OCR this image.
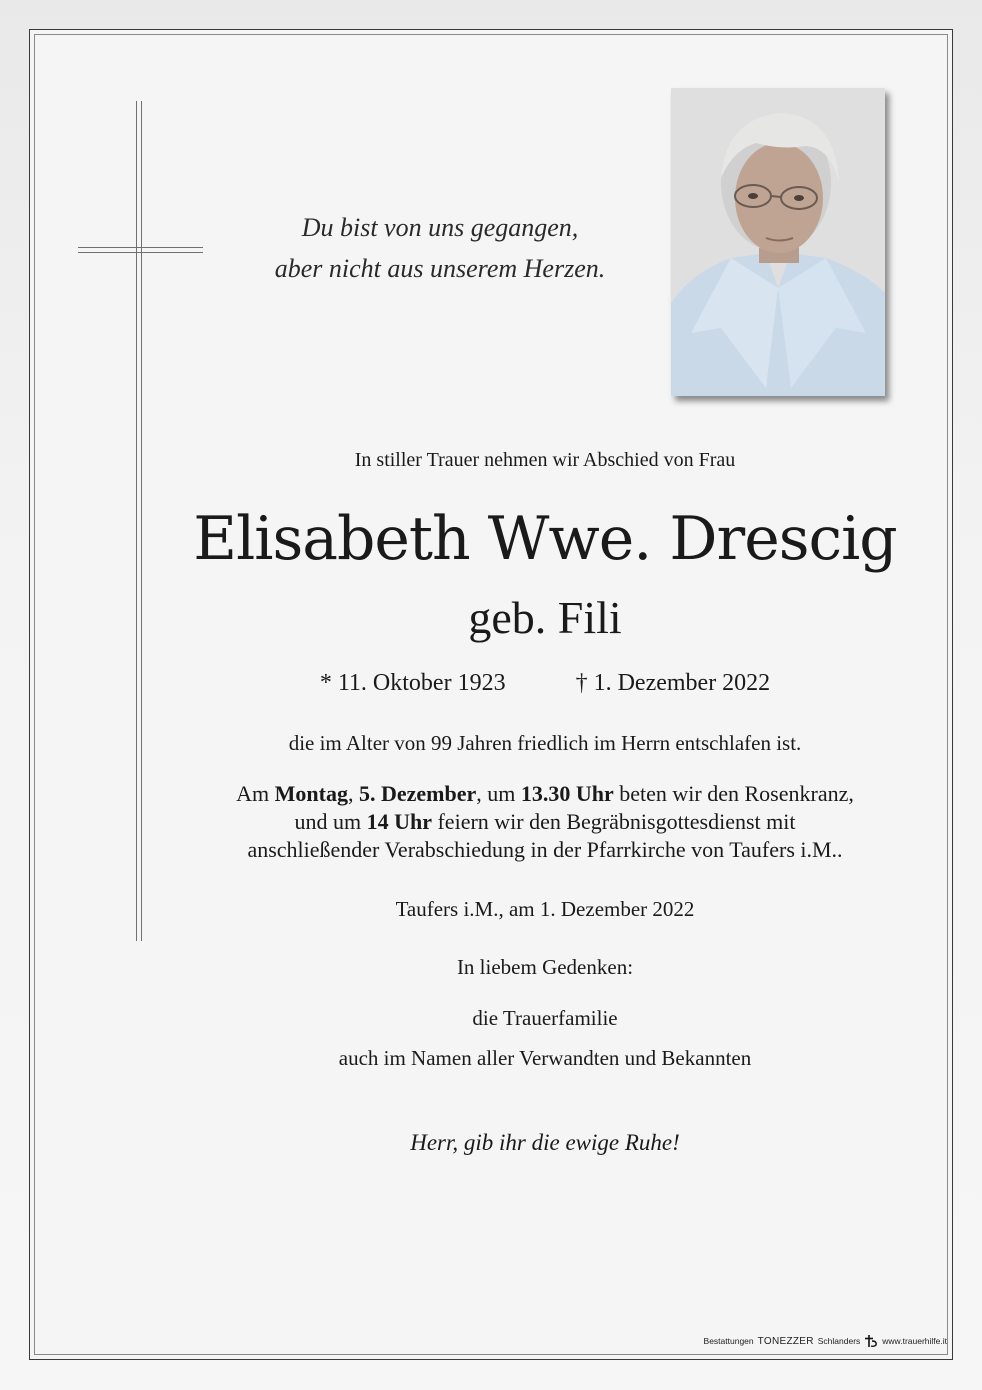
Du bist von uns gegangen,
aber nicht aus unserem Herzen.
In stiller Trauer nehmen wir Abschied von Frau
Elisabeth Wwe. Drescig
geb. Fili
* 11. Oktober 1923	† 1. Dezember 2022
die im Alter von 99 Jahren friedlich im Herrn entschlafen ist.
Am Montag, 5. Dezember, um 13.30 Uhr beten wir den Rosenkranz,
und um 14 Uhr feiern wir den Begräbnisgottesdienst mit
anschließender Verabschiedung in der Pfarrkirche von Taufers i.M..
Taufers i.M., am 1. Dezember 2022
In liebem Gedenken:
die Trauerfamilie
auch im Namen aller Verwandten und Bekannten
Herr, gib ihr die ewige Ruhe!
Bestattungen TONEZZER Schlanders	www.trauerhilfe.it
